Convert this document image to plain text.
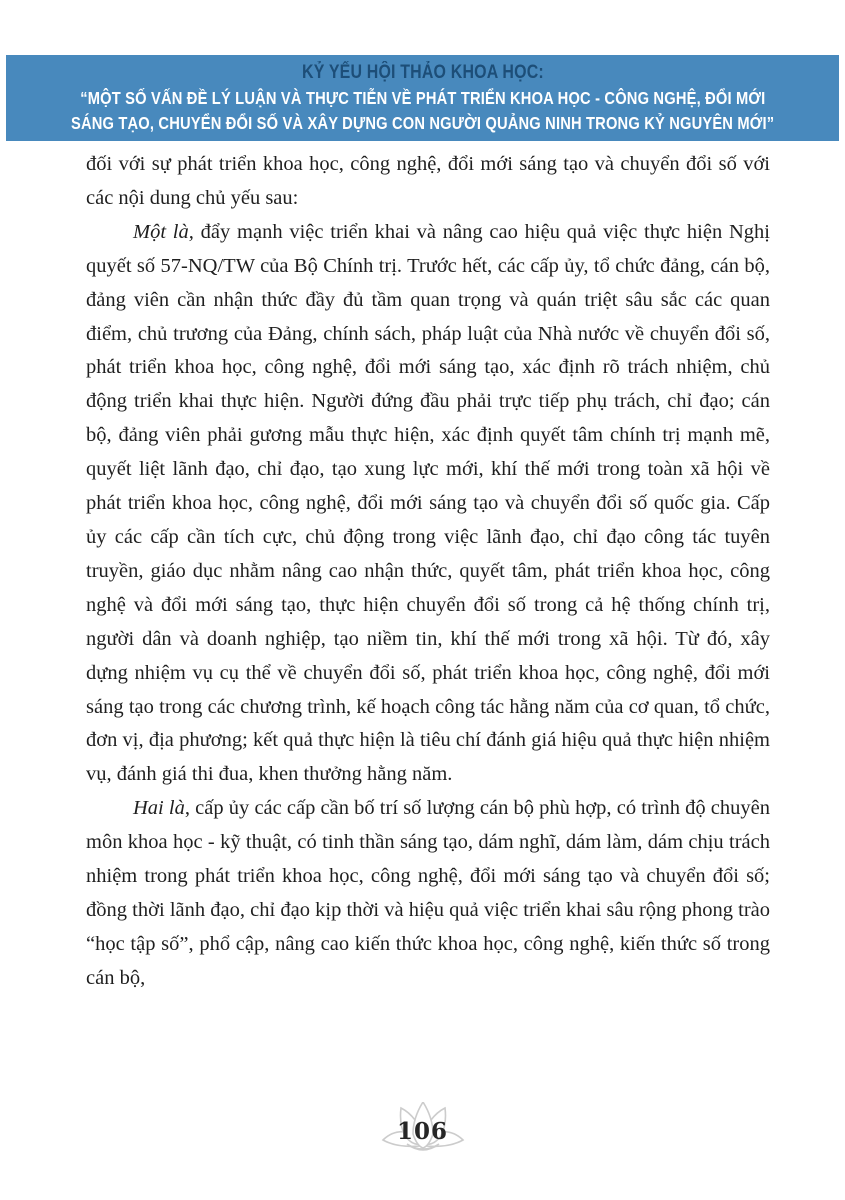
KỶ YẾU HỘI THẢO KHOA HỌC:
“MỘT SỐ VẤN ĐỀ LÝ LUẬN VÀ THỰC TIỄN VỀ PHÁT TRIỂN KHOA HỌC - CÔNG NGHỆ, ĐỔI MỚI
SÁNG TẠO, CHUYỂN ĐỔI SỐ VÀ XÂY DỰNG CON NGƯỜI QUẢNG NINH TRONG KỶ NGUYÊN MỚI”

đối với sự phát triển khoa học, công nghệ, đổi mới sáng tạo và chuyển đổi số với các nội dung chủ yếu sau:

Một là, đẩy mạnh việc triển khai và nâng cao hiệu quả việc thực hiện Nghị quyết số 57-NQ/TW của Bộ Chính trị. Trước hết, các cấp ủy, tổ chức đảng, cán bộ, đảng viên cần nhận thức đầy đủ tầm quan trọng và quán triệt sâu sắc các quan điểm, chủ trương của Đảng, chính sách, pháp luật của Nhà nước về chuyển đổi số, phát triển khoa học, công nghệ, đổi mới sáng tạo, xác định rõ trách nhiệm, chủ động triển khai thực hiện. Người đứng đầu phải trực tiếp phụ trách, chỉ đạo; cán bộ, đảng viên phải gương mẫu thực hiện, xác định quyết tâm chính trị mạnh mẽ, quyết liệt lãnh đạo, chỉ đạo, tạo xung lực mới, khí thế mới trong toàn xã hội về phát triển khoa học, công nghệ, đổi mới sáng tạo và chuyển đổi số quốc gia. Cấp ủy các cấp cần tích cực, chủ động trong việc lãnh đạo, chỉ đạo công tác tuyên truyền, giáo dục nhằm nâng cao nhận thức, quyết tâm, phát triển khoa học, công nghệ và đổi mới sáng tạo, thực hiện chuyển đổi số trong cả hệ thống chính trị, người dân và doanh nghiệp, tạo niềm tin, khí thế mới trong xã hội. Từ đó, xây dựng nhiệm vụ cụ thể về chuyển đổi số, phát triển khoa học, công nghệ, đổi mới sáng tạo trong các chương trình, kế hoạch công tác hằng năm của cơ quan, tổ chức, đơn vị, địa phương; kết quả thực hiện là tiêu chí đánh giá hiệu quả thực hiện nhiệm vụ, đánh giá thi đua, khen thưởng hằng năm.

Hai là, cấp ủy các cấp cần bố trí số lượng cán bộ phù hợp, có trình độ chuyên môn khoa học - kỹ thuật, có tinh thần sáng tạo, dám nghĩ, dám làm, dám chịu trách nhiệm trong phát triển khoa học, công nghệ, đổi mới sáng tạo và chuyển đổi số; đồng thời lãnh đạo, chỉ đạo kịp thời và hiệu quả việc triển khai sâu rộng phong trào “học tập số”, phổ cập, nâng cao kiến thức khoa học, công nghệ, kiến thức số trong cán bộ,

106
